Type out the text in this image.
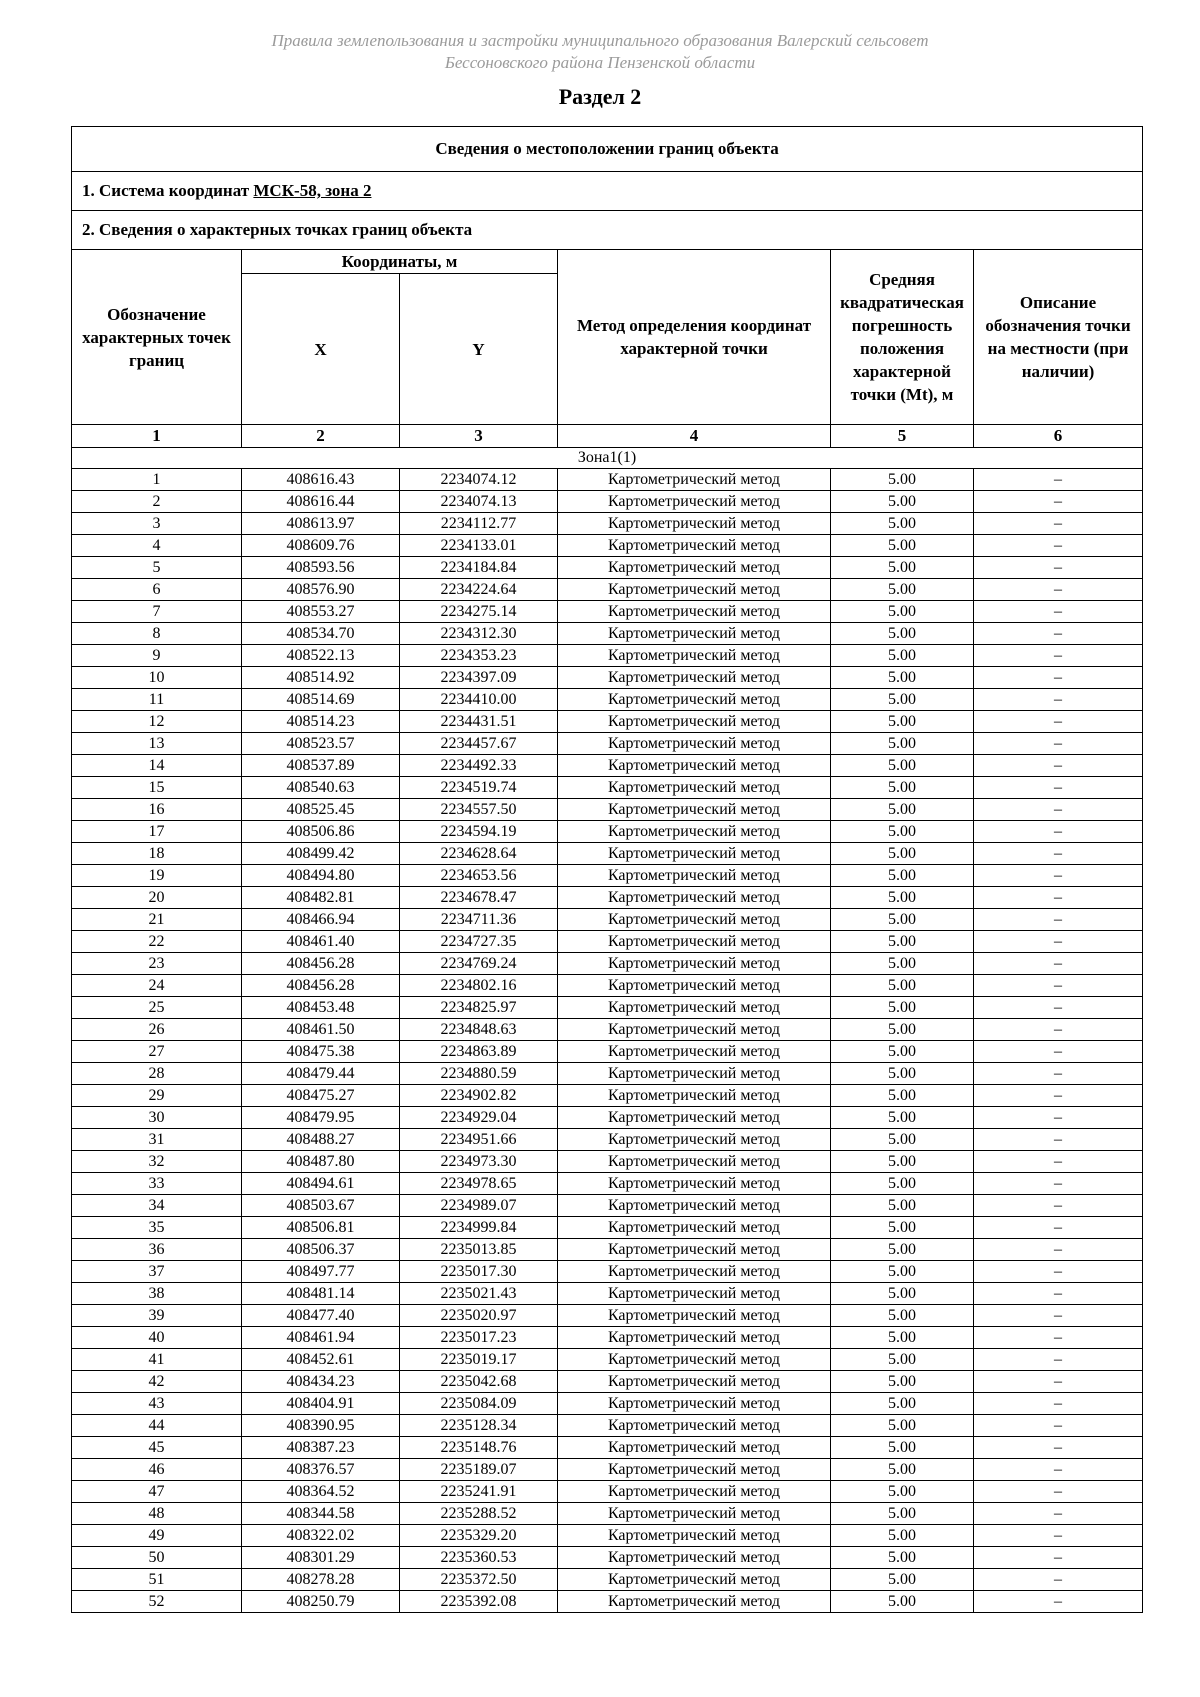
Правила землепользования и застройки муниципального образования Валерский сельсовет
Бессоновского района Пензенской области
Раздел 2
Сведения о местоположении границ объекта					
1. Система координат МСК-58, зона 2					
2. Сведения о характерных точках границ объекта					
Обозначение характерных точек границ	Координаты, м		Метод определения координат характерной точки	Средняя квадратическая погрешность положения характерной точки (Mt), м	Описание обозначения точки на местности (при наличии)
	X	Y			
1	2	3	4	5	6
Зона1(1)					
1	408616.43	2234074.12	Картометрический метод	5.00	–
2	408616.44	2234074.13	Картометрический метод	5.00	–
3	408613.97	2234112.77	Картометрический метод	5.00	–
4	408609.76	2234133.01	Картометрический метод	5.00	–
5	408593.56	2234184.84	Картометрический метод	5.00	–
6	408576.90	2234224.64	Картометрический метод	5.00	–
7	408553.27	2234275.14	Картометрический метод	5.00	–
8	408534.70	2234312.30	Картометрический метод	5.00	–
9	408522.13	2234353.23	Картометрический метод	5.00	–
10	408514.92	2234397.09	Картометрический метод	5.00	–
11	408514.69	2234410.00	Картометрический метод	5.00	–
12	408514.23	2234431.51	Картометрический метод	5.00	–
13	408523.57	2234457.67	Картометрический метод	5.00	–
14	408537.89	2234492.33	Картометрический метод	5.00	–
15	408540.63	2234519.74	Картометрический метод	5.00	–
16	408525.45	2234557.50	Картометрический метод	5.00	–
17	408506.86	2234594.19	Картометрический метод	5.00	–
18	408499.42	2234628.64	Картометрический метод	5.00	–
19	408494.80	2234653.56	Картометрический метод	5.00	–
20	408482.81	2234678.47	Картометрический метод	5.00	–
21	408466.94	2234711.36	Картометрический метод	5.00	–
22	408461.40	2234727.35	Картометрический метод	5.00	–
23	408456.28	2234769.24	Картометрический метод	5.00	–
24	408456.28	2234802.16	Картометрический метод	5.00	–
25	408453.48	2234825.97	Картометрический метод	5.00	–
26	408461.50	2234848.63	Картометрический метод	5.00	–
27	408475.38	2234863.89	Картометрический метод	5.00	–
28	408479.44	2234880.59	Картометрический метод	5.00	–
29	408475.27	2234902.82	Картометрический метод	5.00	–
30	408479.95	2234929.04	Картометрический метод	5.00	–
31	408488.27	2234951.66	Картометрический метод	5.00	–
32	408487.80	2234973.30	Картометрический метод	5.00	–
33	408494.61	2234978.65	Картометрический метод	5.00	–
34	408503.67	2234989.07	Картометрический метод	5.00	–
35	408506.81	2234999.84	Картометрический метод	5.00	–
36	408506.37	2235013.85	Картометрический метод	5.00	–
37	408497.77	2235017.30	Картометрический метод	5.00	–
38	408481.14	2235021.43	Картометрический метод	5.00	–
39	408477.40	2235020.97	Картометрический метод	5.00	–
40	408461.94	2235017.23	Картометрический метод	5.00	–
41	408452.61	2235019.17	Картометрический метод	5.00	–
42	408434.23	2235042.68	Картометрический метод	5.00	–
43	408404.91	2235084.09	Картометрический метод	5.00	–
44	408390.95	2235128.34	Картометрический метод	5.00	–
45	408387.23	2235148.76	Картометрический метод	5.00	–
46	408376.57	2235189.07	Картометрический метод	5.00	–
47	408364.52	2235241.91	Картометрический метод	5.00	–
48	408344.58	2235288.52	Картометрический метод	5.00	–
49	408322.02	2235329.20	Картометрический метод	5.00	–
50	408301.29	2235360.53	Картометрический метод	5.00	–
51	408278.28	2235372.50	Картометрический метод	5.00	–
52	408250.79	2235392.08	Картометрический метод	5.00	–
